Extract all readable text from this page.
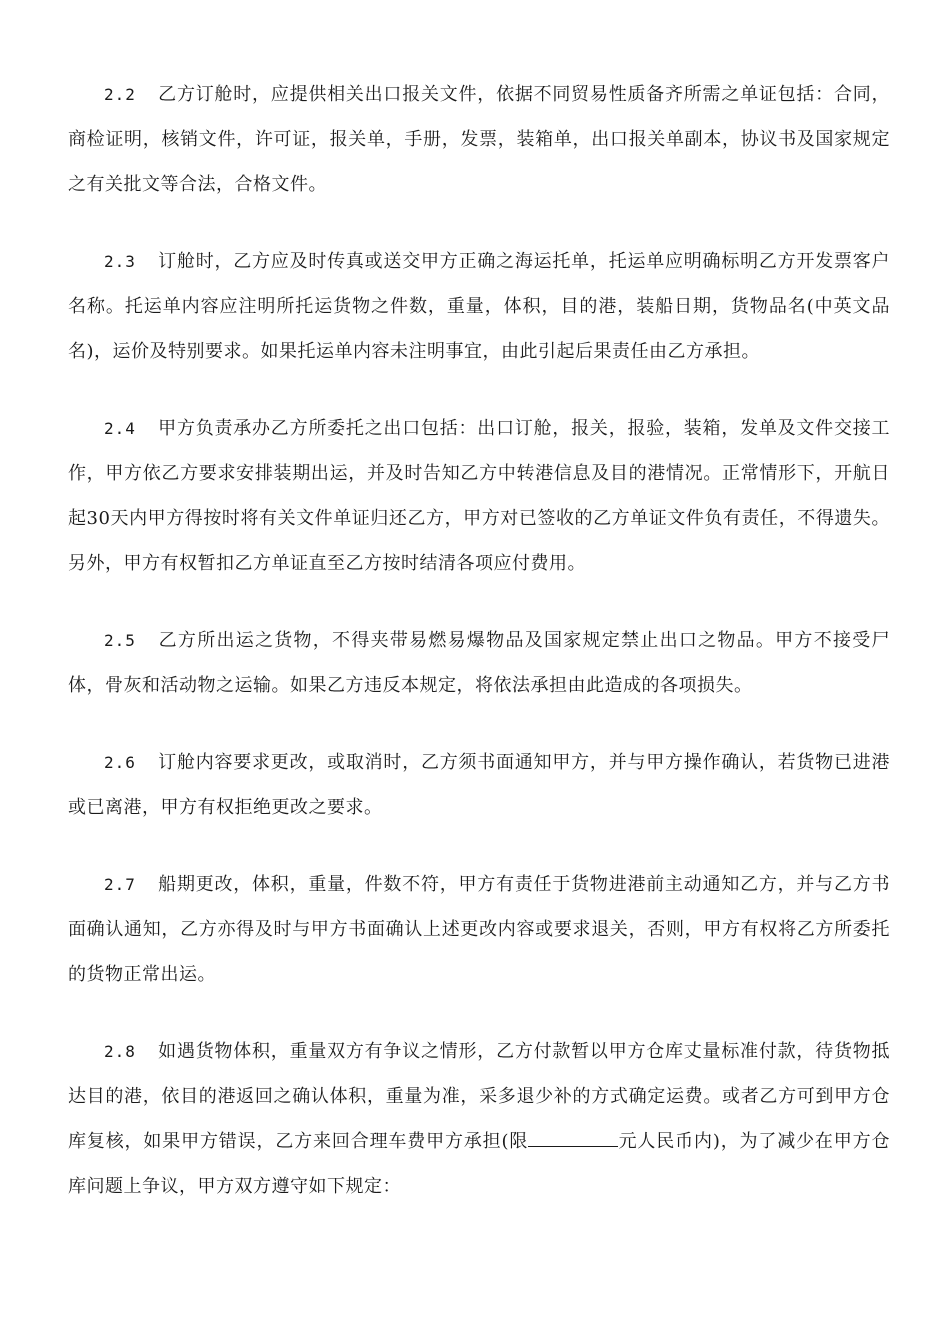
2.2 乙方订舱时，应提供相关出口报关文件，依据不同贸易性质备齐所需之单证包括：合同，商检证明，核销文件，许可证，报关单，手册，发票，装箱单，出口报关单副本，协议书及国家规定之有关批文等合法，合格文件。

2.3 订舱时，乙方应及时传真或送交甲方正确之海运托单，托运单应明确标明乙方开发票客户名称。托运单内容应注明所托运货物之件数，重量，体积，目的港，装船日期，货物品名(中英文品名)，运价及特别要求。如果托运单内容未注明事宜，由此引起后果责任由乙方承担。

2.4 甲方负责承办乙方所委托之出口包括：出口订舱，报关，报验，装箱，发单及文件交接工作，甲方依乙方要求安排装期出运，并及时告知乙方中转港信息及目的港情况。正常情形下，开航日起30天内甲方得按时将有关文件单证归还乙方，甲方对已签收的乙方单证文件负有责任，不得遗失。另外，甲方有权暂扣乙方单证直至乙方按时结清各项应付费用。

2.5 乙方所出运之货物，不得夹带易燃易爆物品及国家规定禁止出口之物品。甲方不接受尸体，骨灰和活动物之运输。如果乙方违反本规定，将依法承担由此造成的各项损失。

2.6 订舱内容要求更改，或取消时，乙方须书面通知甲方，并与甲方操作确认，若货物已进港或已离港，甲方有权拒绝更改之要求。

2.7 船期更改，体积，重量，件数不符，甲方有责任于货物进港前主动通知乙方，并与乙方书面确认通知，乙方亦得及时与甲方书面确认上述更改内容或要求退关，否则，甲方有权将乙方所委托的货物正常出运。

2.8 如遇货物体积，重量双方有争议之情形，乙方付款暂以甲方仓库丈量标准付款，待货物抵达目的港，依目的港返回之确认体积，重量为准，采多退少补的方式确定运费。或者乙方可到甲方仓库复核，如果甲方错误，乙方来回合理车费甲方承担(限	元人民币内)，为了减少在甲方仓库问题上争议，甲方双方遵守如下规定：
